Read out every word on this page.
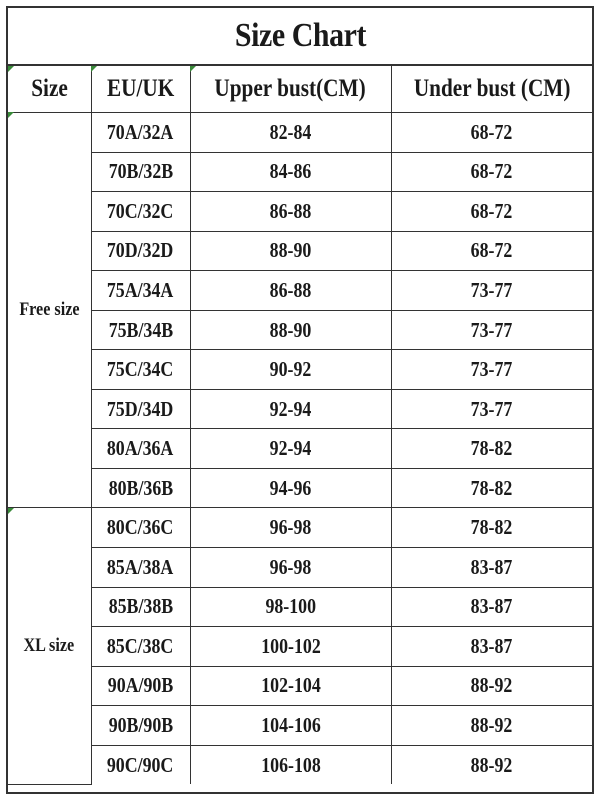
Size Chart
Size	EU/UK	Upper bust(CM)	Under bust (CM)
Free size	70A/32A	82-84	68-72
	70B/32B	84-86	68-72
	70C/32C	86-88	68-72
	70D/32D	88-90	68-72
	75A/34A	86-88	73-77
	75B/34B	88-90	73-77
	75C/34C	90-92	73-77
	75D/34D	92-94	73-77
	80A/36A	92-94	78-82
	80B/36B	94-96	78-82
XL size	80C/36C	96-98	78-82
	85A/38A	96-98	83-87
	85B/38B	98-100	83-87
	85C/38C	100-102	83-87
	90A/90B	102-104	88-92
	90B/90B	104-106	88-92
	90C/90C	106-108	88-92
